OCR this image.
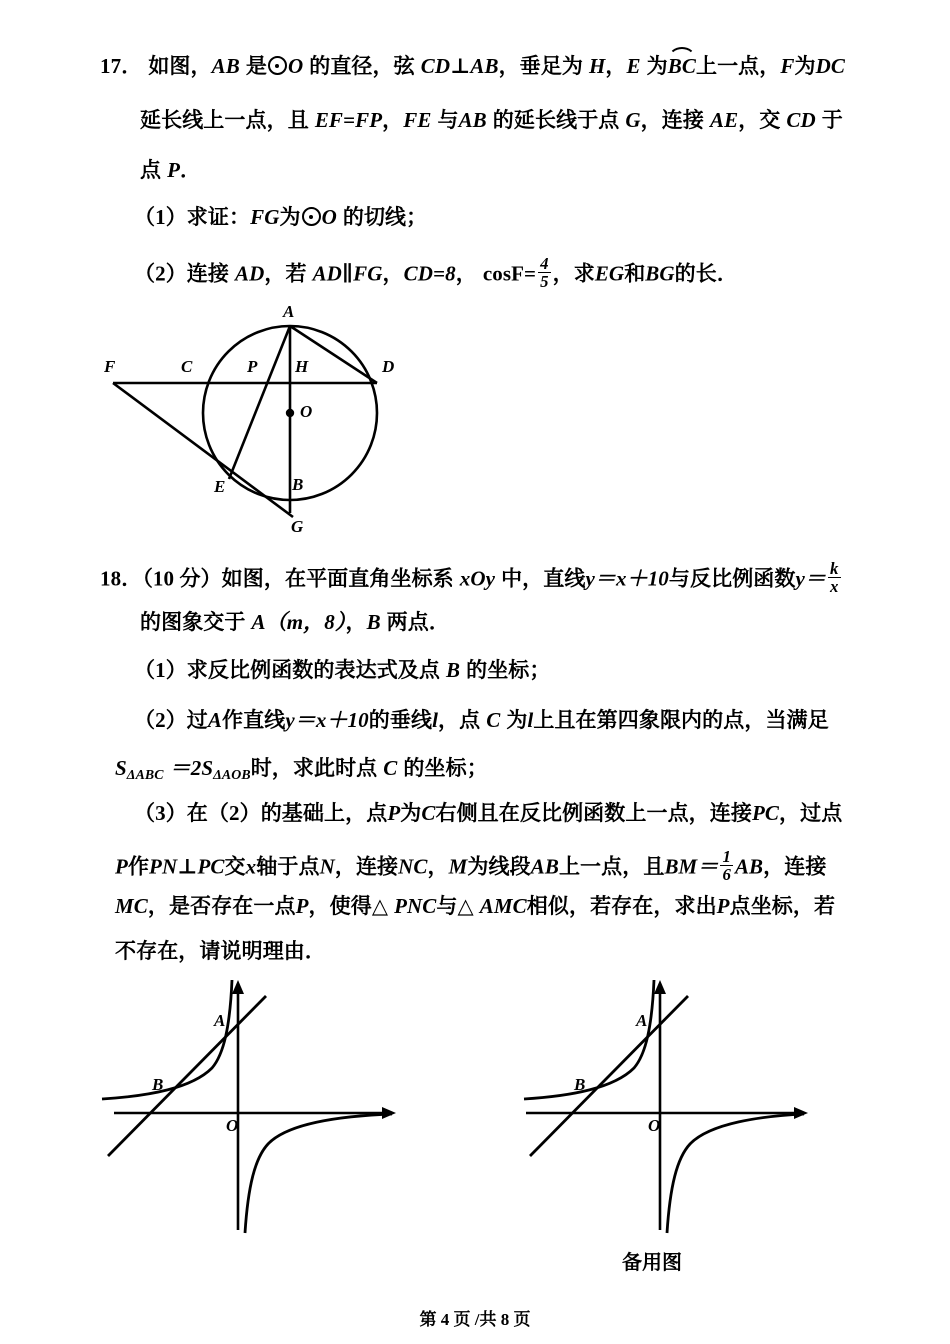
17． 如图，AB 是 O 的直径，弦 CD⊥AB，垂足为 H，E 为
BC上一点，F为DC
延长线上一点，且 EF=FP，FE 与AB 的延长线于点 G，连接 AE，交 CD 于
点 P．
（1）求证：FG为 O 的切线；
（2）连接 AD，若 AD∥FG，CD=8， $\cos F= \frac{4}{5}$ ，求EG和BG的长．
A
F	C	P H	D
O
E	B
G
18．（10 分）如图，在平面直角坐标系 xOy 中，直线y＝x＋10与反比例函数$y= \frac{k}{x}$
的图象交于 A（m，8），B 两点．
（1）求反比例函数的表达式及点 B 的坐标；
（2）过A作直线y＝x＋10的垂线l，点 C 为l上且在第四象限内的点，当满足
$S_{\Delta ABC} =2S_{\Delta AOB}$时，求此时点 C 的坐标；
（3）在（2）的基础上，点P为C右侧且在反比例函数上一点，连接PC，过点
P作PN⊥PC交x轴于点N，连接NC，M为线段AB上一点，且$BM= \frac{1}{6}$ AB，连接
MC，是否存在一点P，使得△ PNC与△ AMC相似，若存在，求出P点坐标，若
不存在，请说明理由．
A
B
O
A
B
O
备用图
第 4 页 /共 8 页
